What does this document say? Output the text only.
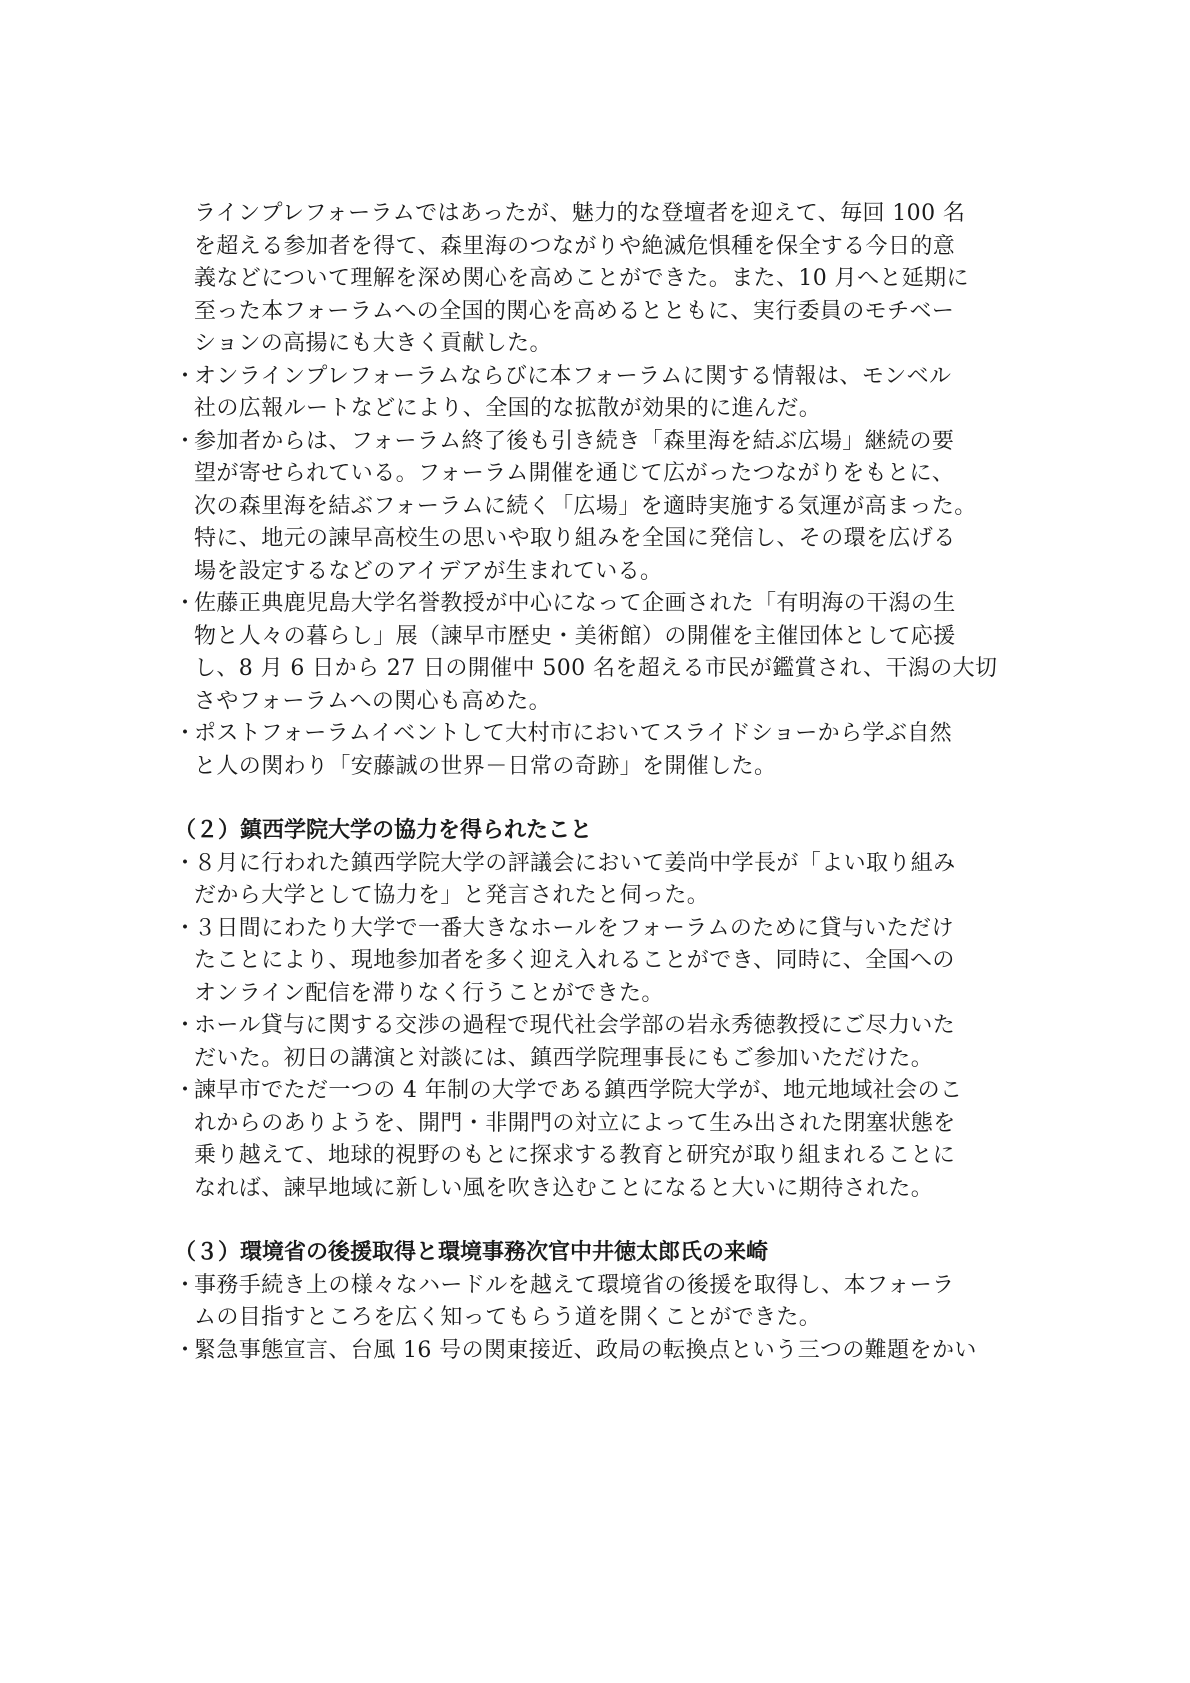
ラインプレフォーラムではあったが、魅力的な登壇者を迎えて、毎回 100 名
を超える参加者を得て、森里海のつながりや絶滅危惧種を保全する今日的意
義などについて理解を深め関心を高めことができた。また、10 月へと延期に
至った本フォーラムへの全国的関心を高めるとともに、実行委員のモチベー
ションの高揚にも大きく貢献した。
・
オンラインプレフォーラムならびに本フォーラムに関する情報は、モンベル
社の広報ルートなどにより、全国的な拡散が効果的に進んだ。
・
参加者からは、フォーラム終了後も引き続き「森里海を結ぶ広場」継続の要
望が寄せられている。フォーラム開催を通じて広がったつながりをもとに、
次の森里海を結ぶフォーラムに続く「広場」を適時実施する気運が高まった。
特に、地元の諫早高校生の思いや取り組みを全国に発信し、その環を広げる
場を設定するなどのアイデアが生まれている。
・
佐藤正典鹿児島大学名誉教授が中心になって企画された「有明海の干潟の生
物と人々の暮らし」展（諫早市歴史・美術館）の開催を主催団体として応援
し、8 月 6 日から 27 日の開催中 500 名を超える市民が鑑賞され、干潟の大切
さやフォーラムへの関心も高めた。
・
ポストフォーラムイベントして大村市においてスライドショーから学ぶ自然
と人の関わり「安藤誠の世界－日常の奇跡」を開催した。
（２）鎮西学院大学の協力を得られたこと
・
８月に行われた鎮西学院大学の評議会において姜尚中学長が「よい取り組み
だから大学として協力を」と発言されたと伺った。
・
３日間にわたり大学で一番大きなホールをフォーラムのために貸与いただけ
たことにより、現地参加者を多く迎え入れることができ、同時に、全国への
オンライン配信を滞りなく行うことができた。
・
ホール貸与に関する交渉の過程で現代社会学部の岩永秀徳教授にご尽力いた
だいた。初日の講演と対談には、鎮西学院理事長にもご参加いただけた。
・
諫早市でただ一つの 4 年制の大学である鎮西学院大学が、地元地域社会のこ
れからのありようを、開門・非開門の対立によって生み出された閉塞状態を
乗り越えて、地球的視野のもとに探求する教育と研究が取り組まれることに
なれば、諫早地域に新しい風を吹き込むことになると大いに期待された。
（３）環境省の後援取得と環境事務次官中井徳太郎氏の来崎
・
事務手続き上の様々なハードルを越えて環境省の後援を取得し、本フォーラ
ムの目指すところを広く知ってもらう道を開くことができた。
・
緊急事態宣言、台風 16 号の関東接近、政局の転換点という三つの難題をかい
